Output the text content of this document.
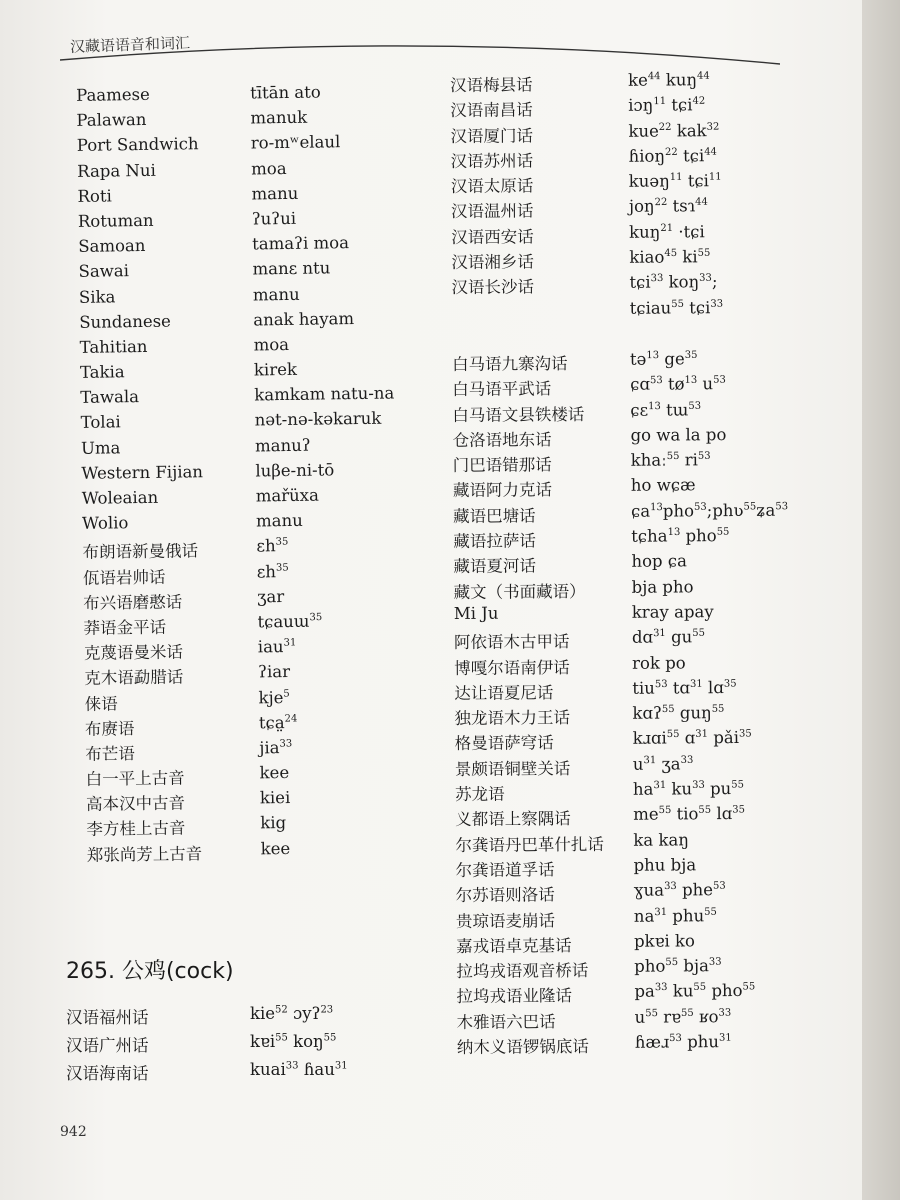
汉藏语语音和词汇
Paamese	tītān ato
Palawan	manuk
Port Sandwich	ro-mʷelaul
Rapa Nui	moa
Roti	manu
Rotuman	ʔuʔui
Samoan	tamaʔi moa
Sawai	manɛ ntu
Sika	manu
Sundanese	anak hayam
Tahitian	moa
Takia	kirek
Tawala	kamkam natu-na
Tolai	nət-nə-kəkaruk
Uma	manuʔ
Western Fijian	luβe-ni-tō
Woleaian	mařüxa
Wolio	manu
布朗语新曼俄话	ɛh$^{35}$
佤语岩帅话	ɛh$^{35}$
布兴语磨憨话	ʒar
莽语金平话	tɕauɯ$^{35}$
克蔑语曼米话	iau$^{31}$
克木语勐腊话	ʔiar
俫语	kje$^5$
布赓语	tɕa̤$^{24}$
布芒语	jia$^{33}$
白一平上古音	kee
高本汉中古音	kiei
李方桂上古音	kig
郑张尚芳上古音	kee
265. 公鸡(cock)
汉语福州话	kie$^{52}$ ɔyʔ$^{23}$
汉语广州话	kɐi$^{55}$ koŋ$^{55}$
汉语海南话	kuai$^{33}$ ɦau$^{31}$
汉语梅县话	$ke^{44}$ kuŋ$^{44}$
汉语南昌话	iɔŋ$^{11}$ tɕi$^{42}$
汉语厦门话	kue$^{22}$ kak$^{32}$
汉语苏州话	ɦioŋ$^{22}$ tɕi$^{44}$
汉语太原话	kuəŋ$^{11}$ tɕi$^{11}$
汉语温州话	joŋ$^{22}$ tsɿ$^{44}$
汉语西安话	kuŋ$^{21}$ ·tɕi
汉语湘乡话	kiao$^{45}$ $ki^{55}$
汉语长沙话	tɕi$^{33}$ koŋ$^{33}$;
tɕiau$^{55}$ tɕi$^{33}$
白马语九寨沟话	tə$^{13}$ $ge^{35}$
白马语平武话	ɕɑ$^{53}$ $tø^{13}$ $u^{53}$
白马语文县铁楼话	ɕɛ$^{13}$ tɯ$^{53}$
仓洛语地东话	go wa la po
门巴语错那话	khaː$^{55}$ $ri^{53}$
藏语阿力克话	ho wɕæ
藏语巴塘话	ɕa$^{13}$pho$^{53}$;phʋ$^{55}$ʑa$^{53}$
藏语拉萨话	tɕha$^{13}$ pho$^{55}$
藏语夏河话	hop ɕa
藏文（书面藏语）	bja pho
Mi Ju	kray apay
阿依语木古甲话	dɑ$^{31}$ $gu^{55}$
博嘎尔语南伊话	rok po
达让语夏尼话	tiu$^{53}$ tɑ$^{31}$ lɑ$^{35}$
独龙语木力王话	kɑʔ$^{55}$ guŋ$^{55}$
格曼语萨穹话	kɹɑi$^{55}$ ɑ$^{31}$ pǎi$^{35}$
景颇语铜壁关话	$u^{31}$ ʒa$^{33}$
苏龙语	$ha^{31}$ $ku^{33}$ $pu^{55}$
义都语上察隅话	$me^{55}$ tio$^{55}$ lɑ$^{35}$
尔龚语丹巴革什扎话 ka kaŋ
尔龚语道孚话	phu bja
尔苏语则洛话	ɣua$^{33}$ phe$^{53}$
贵琼语麦崩话	$na^{31}$ phu$^{55}$
嘉戎语卓克基话	pkɐi ko
拉坞戎语观音桥话	pho$^{55}$ bja$^{33}$
拉坞戎语业隆话	$pa^{33}$ $ku^{55}$ pho$^{55}$
木雅语六巴话	$u^{55}$ rɐ$^{55}$ ʁo$^{33}$
纳木义语锣锅底话	ɦæɹ$^{53}$ phu$^{31}$
942
